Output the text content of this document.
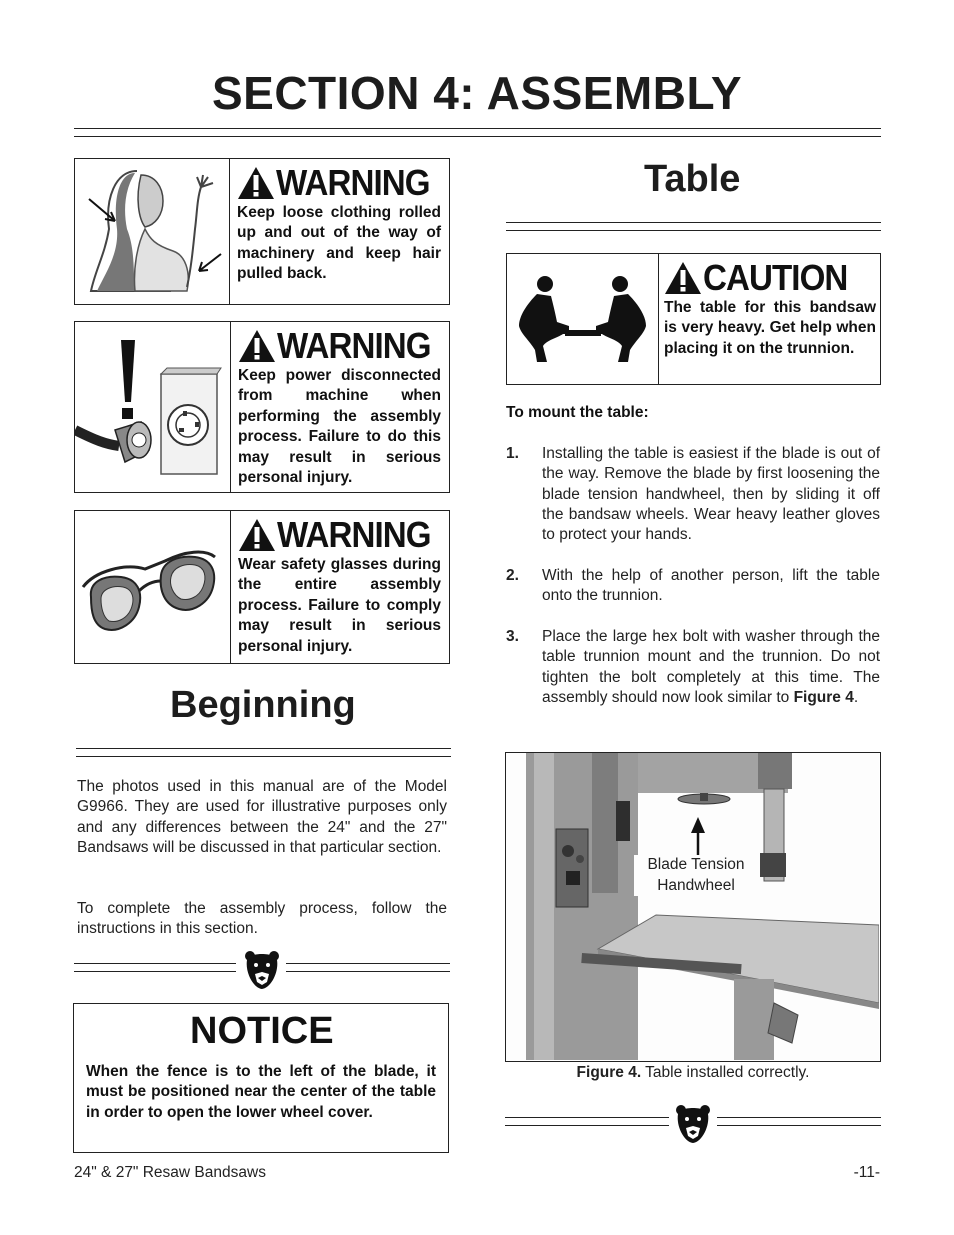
SECTION 4: ASSEMBLY
WARNING
Keep loose clothing rolled up and out of the way of machinery and keep hair pulled back.
WARNING
Keep power disconnected from machine when performing the assembly process. Failure to do this may result in serious personal injury.
WARNING
Wear safety glasses during the entire assembly process. Failure to comply may result in serious personal injury.
Beginning
The photos used in this manual are of the Model G9966. They are used for illustrative purposes only and any differences between the 24" and the 27" Bandsaws will be discussed in that particular section.
To complete the assembly process, follow the instructions in this section.
NOTICE
When the fence is to the left of the blade, it must be positioned near the center of the table in order to open the lower wheel cover.
Table
CAUTION
The table for this bandsaw is very heavy. Get help when placing it on the trunnion.
To mount the table:
1. Installing the table is easiest if the blade is out of the way. Remove the blade by first loosening the blade tension handwheel, then by sliding it off the bandsaw wheels. Wear heavy leather gloves to protect your hands.
2. With the help of another person, lift the table onto the trunnion.
3. Place the large hex bolt with washer through the table trunnion mount and the trunnion. Do not tighten the bolt completely at this time. The assembly should now look similar to Figure 4.
Blade Tension Handwheel
Figure 4. Table installed correctly.
24" & 27" Resaw Bandsaws	-11-
